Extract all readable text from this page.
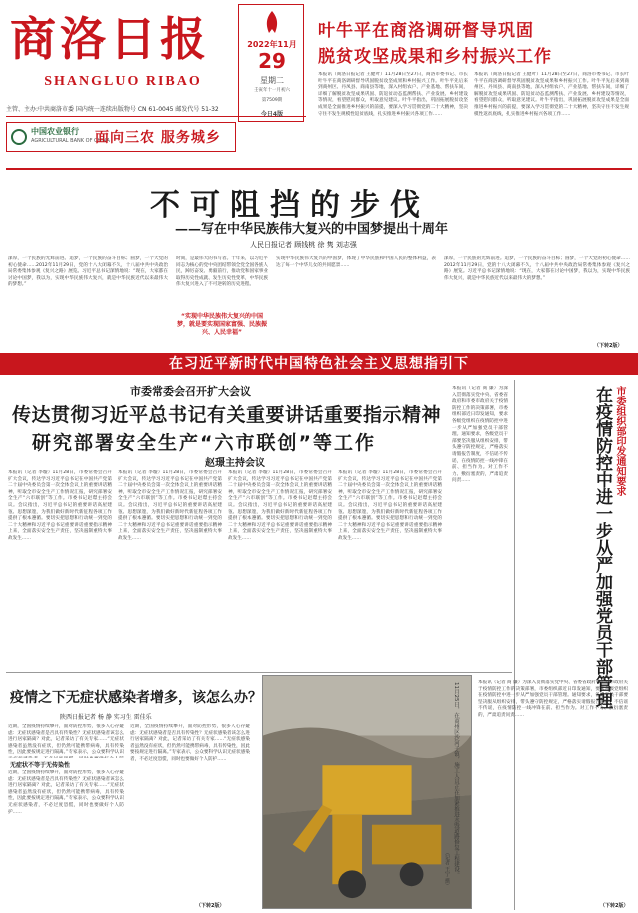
商洛日报
SHANGLUO RIBAO
主管、主办:中共商洛市委 国内统一连续出版物号 CN 61-0045 邮发代号 51-32
中国农业银行
AGRICULTURAL BANK OF CHINA
面向三农 服务城乡
2022年11月
29
星期二
壬寅年十一月初六
第7509期
今日4版
叶牛平在商洛调研督导巩固
脱贫攻坚成果和乡村振兴工作
本报讯（商洛日报记者 王健叶）11月28日至27日，商洛市委书记、市长叶牛平在商洛调研督导巩固脱贫攻坚成果和乡村振兴工作。叶牛平先后来到商州区、丹凤县、商南县等地，深入村组农户、产业基地、帮扶车间，详细了解脱贫攻坚成果巩固、防返贫动态监测帮扶、产业发展、乡村建设等情况，看望慰问群众，听取意见建议。叶牛平指出，巩固拓展脱贫攻坚成果是全面推进乡村振兴的前提，要深入学习贯彻党的二十大精神，坚决守住不发生规模性返贫底线，扎实推进乡村振兴各项工作……
本报讯（商洛日报记者 王健叶）11月28日至27日，商洛市委书记、市长叶牛平在商洛调研督导巩固脱贫攻坚成果和乡村振兴工作。叶牛平先后来到商州区、丹凤县、商南县等地，深入村组农户、产业基地、帮扶车间，详细了解脱贫攻坚成果巩固、防返贫动态监测帮扶、产业发展、乡村建设等情况，看望慰问群众，听取意见建议。叶牛平指出，巩固拓展脱贫攻坚成果是全面推进乡村振兴的前提，要深入学习贯彻党的二十大精神，坚决守住不发生规模性返贫底线，扎实推进乡村振兴各项工作……
不可阻挡的步伐
——写在中华民族伟大复兴的中国梦提出十周年
人民日报记者 顾钱桃 徐 隽 刘志强
深厚，一个民族的光辉前进。追梦，一个民族的奋斗目标；圆梦，一个大党的初心使命……2012年11月29日，党的十八大闭幕不久，十八届中共中央政治局常委集体参观《复兴之路》展览。习近平总书记深情地说：“现在，大家都在讨论中国梦，我以为，实现中华民族伟大复兴，就是中华民族近代以来最伟大的梦想。”
时间，是最伟大的书写者。十年来，以习近平同志为核心的党中央团结带领全党全国各族人民，踔厉奋发、勇毅前行，推动党和国家事业取得历史性成就、发生历史性变革，中华民族伟大复兴进入了不可逆转的历史进程。
“实现中华民族伟大复兴的中国梦，就是要实现国家富强、民族振兴、人民幸福”
实现中华民族伟大复兴的中国梦，体现了中华民族和中国人民的整体利益，表达了每一个中华儿女的共同愿景……
深厚，一个民族的光辉前进。追梦，一个民族的奋斗目标；圆梦，一个大党的初心使命……2012年11月29日，党的十八大闭幕不久，十八届中共中央政治局常委集体参观《复兴之路》展览。习近平总书记深情地说：“现在，大家都在讨论中国梦，我以为，实现中华民族伟大复兴，就是中华民族近代以来最伟大的梦想。”
（下转2版）
在习近平新时代中国特色社会主义思想指引下
市委常委会召开扩大会议
传达贯彻习近平总书记有关重要讲话重要指示精神
研究部署安全生产“六市联创”等工作
赵璟主持会议
本报讯（记者 李璇）11月28日，市委常委会召开扩大会议，传达学习习近平总书记在中国共产党第二十届中央委员会第一次全体会议上的重要讲话精神，听取全市安全生产工作情况汇报，研究部署安全生产“六市联创”等工作。市委书记赵璟主持会议。会议指出，习近平总书记的重要讲话高屋建瓴、思想深邃，为我们做好新时代新征程各项工作提供了根本遵循。要切实把思想和行动统一到党的二十大精神和习近平总书记重要讲话重要指示精神上来，全面落实安全生产责任，坚决遏制重特大事故发生……
本报讯（记者 李璇）11月28日，市委常委会召开扩大会议，传达学习习近平总书记在中国共产党第二十届中央委员会第一次全体会议上的重要讲话精神，听取全市安全生产工作情况汇报，研究部署安全生产“六市联创”等工作。市委书记赵璟主持会议。会议指出，习近平总书记的重要讲话高屋建瓴、思想深邃，为我们做好新时代新征程各项工作提供了根本遵循。要切实把思想和行动统一到党的二十大精神和习近平总书记重要讲话重要指示精神上来，全面落实安全生产责任，坚决遏制重特大事故发生……
本报讯（记者 李璇）11月28日，市委常委会召开扩大会议，传达学习习近平总书记在中国共产党第二十届中央委员会第一次全体会议上的重要讲话精神，听取全市安全生产工作情况汇报，研究部署安全生产“六市联创”等工作。市委书记赵璟主持会议。会议指出，习近平总书记的重要讲话高屋建瓴、思想深邃，为我们做好新时代新征程各项工作提供了根本遵循。要切实把思想和行动统一到党的二十大精神和习近平总书记重要讲话重要指示精神上来，全面落实安全生产责任，坚决遏制重特大事故发生……
本报讯（记者 李璇）11月28日，市委常委会召开扩大会议，传达学习习近平总书记在中国共产党第二十届中央委员会第一次全体会议上的重要讲话精神，听取全市安全生产工作情况汇报，研究部署安全生产“六市联创”等工作。市委书记赵璟主持会议。会议指出，习近平总书记的重要讲话高屋建瓴、思想深邃，为我们做好新时代新征程各项工作提供了根本遵循。要切实把思想和行动统一到党的二十大精神和习近平总书记重要讲话重要指示精神上来，全面落实安全生产责任，坚决遏制重特大事故发生……
市委组织部印发通知要求
在疫情防控中进一步从严加强党员干部管理
本报讯（记者 商 廉）为深入贯彻落实党中央、省委省政府和市委市政府关于疫情防控工作的决策部署，市委组织部近日印发通知，要求各级党组织在疫情防控中进一步从严加强党员干部管理。通知要求，各级党员干部要坚决服从组织安排，带头遵守防控规定，严格落实请假报告制度，不信谣不传谣，在疫情防控一线冲锋在前、担当作为。对工作不力、敷衍塞责的，严肃追责问责……
本报讯（记者 商 廉）为深入贯彻落实党中央、省委省政府和市委市政府关于疫情防控工作的决策部署，市委组织部近日印发通知，要求各级党组织在疫情防控中进一步从严加强党员干部管理。通知要求，各级党员干部要坚决服从组织安排，带头遵守防控规定，严格落实请假报告制度，不信谣不传谣，在疫情防控一线冲锋在前、担当作为。对工作不力、敷衍塞责的，严肃追责问责……
（下转2版）
疫情之下无症状感染者增多，该怎么办？
陕西日报记者 杨 静 实习生 雷佳乐
近期，全国疫情持续攀升，面对防控形势，很多人心存疑虑：无症状感染者是否具有传染性？无症状感染者该怎么进行居家隔离？对此，记者采访了有关专家……“无症状感染者虽然没有症状，但仍然可能携带病毒，具有传染性，因此要按规定进行隔离。”专家表示，公众要科学认识
无症状不等于无传染性
近期，全国疫情持续攀升，面对防控形势，很多人心存疑虑：无症状感染者是否具有传染性？无症状感染者该怎么进行居家隔离？对此，记者采访了有关专家……“无症状感染者虽然没有症状，但仍然可能携带病毒，具有传染性，因此要按规定进行隔离。”专家表示，公众要科学认识无症状感染者，不必过度恐慌，同时也要做好个人防护……
近期，全国疫情持续攀升，面对防控形势，很多人心存疑虑：无症状感染者是否具有传染性？无症状感染者该怎么进行居家隔离？对此，记者采访了有关专家……“无症状感染者虽然没有症状，但仍然可能携带病毒，具有传染性，因此要按规定进行隔离。”专家表示，公众要科学认识无症状感染者，不必过度恐慌，同时也要做好个人防护……
（下转2版）
11月25日，在商州区沙河子镇，施工人员正在加紧推进水毁道路修复工程建设。
（记者 王宁 摄）
